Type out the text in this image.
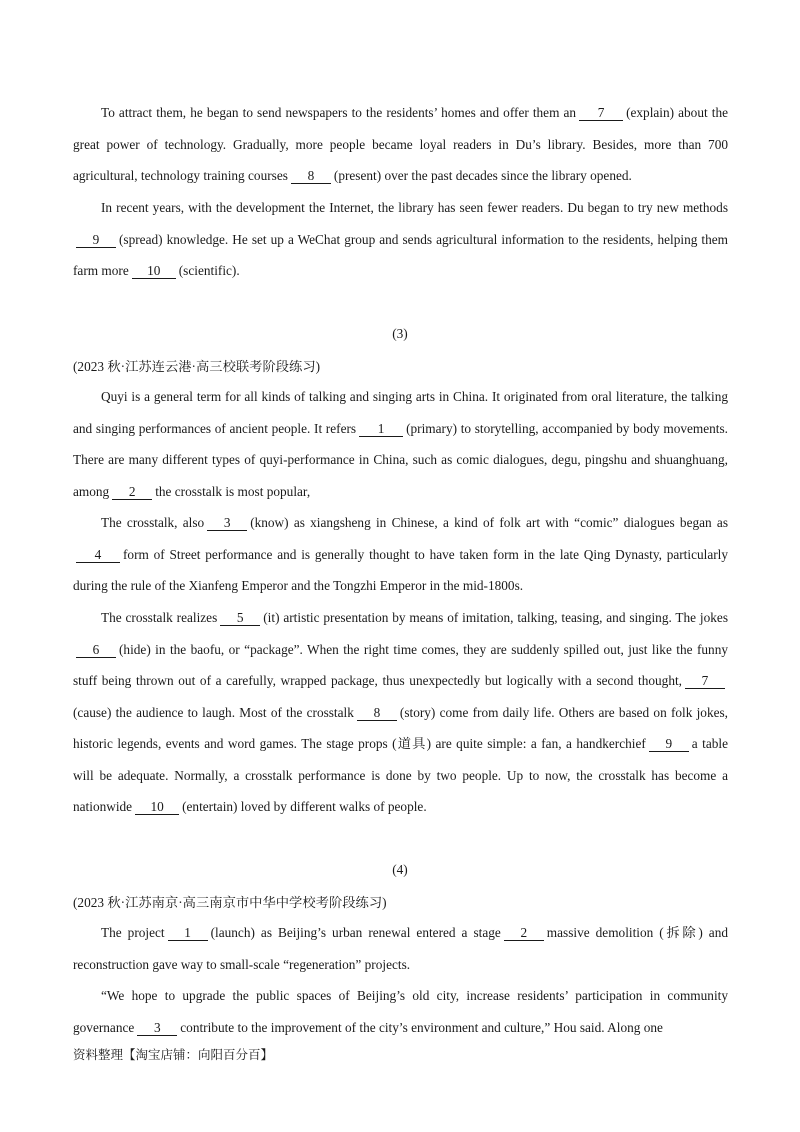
To attract them, he began to send newspapers to the residents’ homes and offer them an 7 (explain) about the great power of technology. Gradually, more people became loyal readers in Du’s library. Besides, more than 700 agricultural, technology training courses 8 (present) over the past decades since the library opened.

In recent years, with the development the Internet, the library has seen fewer readers. Du began to try new methods9 (spread) knowledge. He set up a WeChat group and sends agricultural information to the residents, helping them farm more 10 (scientific).

(3)

(2023 秋·江苏连云港·高三校联考阶段练习)

Quyi is a general term for all kinds of talking and singing arts in China. It originated from oral literature, the talking and singing performances of ancient people. It refers 1 (primary) to storytelling, accompanied by body movements. There are many different types of quyi-performance in China, such as comic dialogues, degu, pingshu and shuanghuang, among 2 the crosstalk is most popular,

The crosstalk, also 3 (know) as xiangsheng in Chinese, a kind of folk art with “comic” dialogues began as4 form of Street performance and is generally thought to have taken form in the late Qing Dynasty, particularly during the rule of the Xianfeng Emperor and the Tongzhi Emperor in the mid-1800s.

The crosstalk realizes 5 (it) artistic presentation by means of imitation, talking, teasing, and singing. The jokes6 (hide) in the baofu, or “package”. When the right time comes, they are suddenly spilled out, just like the funny stuff being thrown out of a carefully, wrapped package, thus unexpectedly but logically with a second thought, 7(cause) the audience to laugh. Most of the crosstalk 8 (story) come from daily life. Others are based on folk jokes, historic legends, events and word games. The stage props (道具) are quite simple: a fan, a handkerchief 9 a table will be adequate. Normally, a crosstalk performance is done by two people. Up to now, the crosstalk has become a nationwide 10 (entertain) loved by different walks of people.

(4)

(2023 秋·江苏南京·高三南京市中华中学校考阶段练习)

The project 1 (launch) as Beijing’s urban renewal entered a stage 2 massive demolition (拆除) and reconstruction gave way to small-scale “regeneration” projects.

“We hope to upgrade the public spaces of Beijing’s old city, increase residents’ participation in community governance 3 contribute to the improvement of the city’s environment and culture,” Hou said. Along one

资料整理【淘宝店铺：向阳百分百】
